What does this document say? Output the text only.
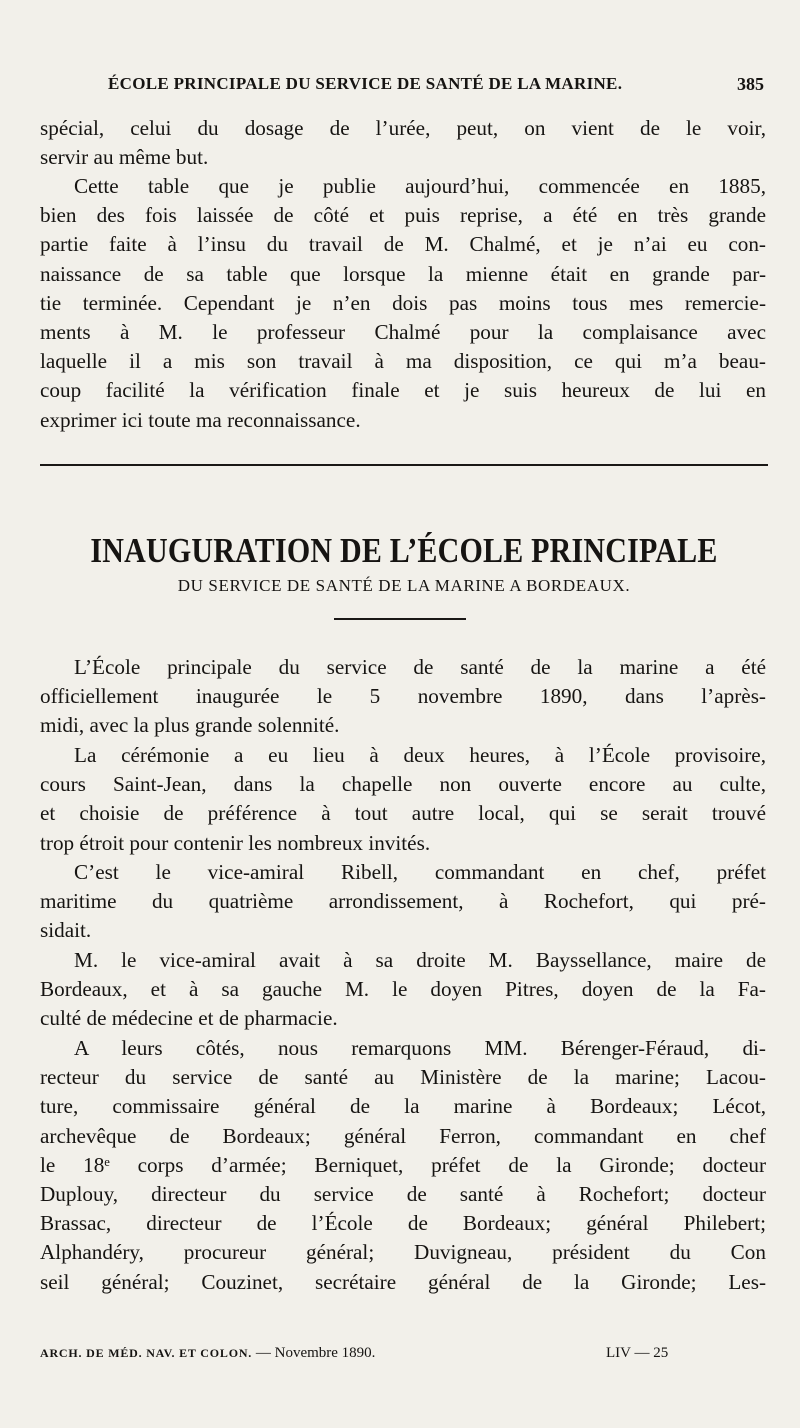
ÉCOLE PRINCIPALE DU SERVICE DE SANTÉ DE LA MARINE.	385
spécial, celui du dosage de l’urée, peut, on vient de le voir,
servir au même but.
Cette table que je publie aujourd’hui, commencée en 1885,
bien des fois laissée de côté et puis reprise, a été en très grande
partie faite à l’insu du travail de M. Chalmé, et je n’ai eu con-
naissance de sa table que lorsque la mienne était en grande par-
tie terminée. Cependant je n’en dois pas moins tous mes remercie-
ments à M. le professeur Chalmé pour la complaisance avec
laquelle il a mis son travail à ma disposition, ce qui m’a beau-
coup facilité la vérification finale et je suis heureux de lui en
exprimer ici toute ma reconnaissance.
INAUGURATION DE L’ÉCOLE PRINCIPALE
DU SERVICE DE SANTÉ DE LA MARINE A BORDEAUX.
L’École principale du service de santé de la marine a été
officiellement inaugurée le 5 novembre 1890, dans l’après-
midi, avec la plus grande solennité.
La cérémonie a eu lieu à deux heures, à l’École provisoire,
cours Saint-Jean, dans la chapelle non ouverte encore au culte,
et choisie de préférence à tout autre local, qui se serait trouvé
trop étroit pour contenir les nombreux invités.
C’est le vice-amiral Ribell, commandant en chef, préfet
maritime du quatrième arrondissement, à Rochefort, qui pré-
sidait.
M. le vice-amiral avait à sa droite M. Bayssellance, maire de
Bordeaux, et à sa gauche M. le doyen Pitres, doyen de la Fa-
culté de médecine et de pharmacie.
A leurs côtés, nous remarquons MM. Bérenger-Féraud, di-
recteur du service de santé au Ministère de la marine; Lacou-
ture, commissaire général de la marine à Bordeaux; Lécot,
archevêque de Bordeaux; général Ferron, commandant en chef
le 18ᵉ corps d’armée; Berniquet, préfet de la Gironde; docteur
Duplouy, directeur du service de santé à Rochefort; docteur
Brassac, directeur de l’École de Bordeaux; général Philebert;
Alphandéry, procureur général; Duvigneau, président du Con
seil général; Couzinet, secrétaire général de la Gironde; Les-
ARCH. DE MÉD. NAV. ET COLON. — Novembre 1890.	LIV — 25
